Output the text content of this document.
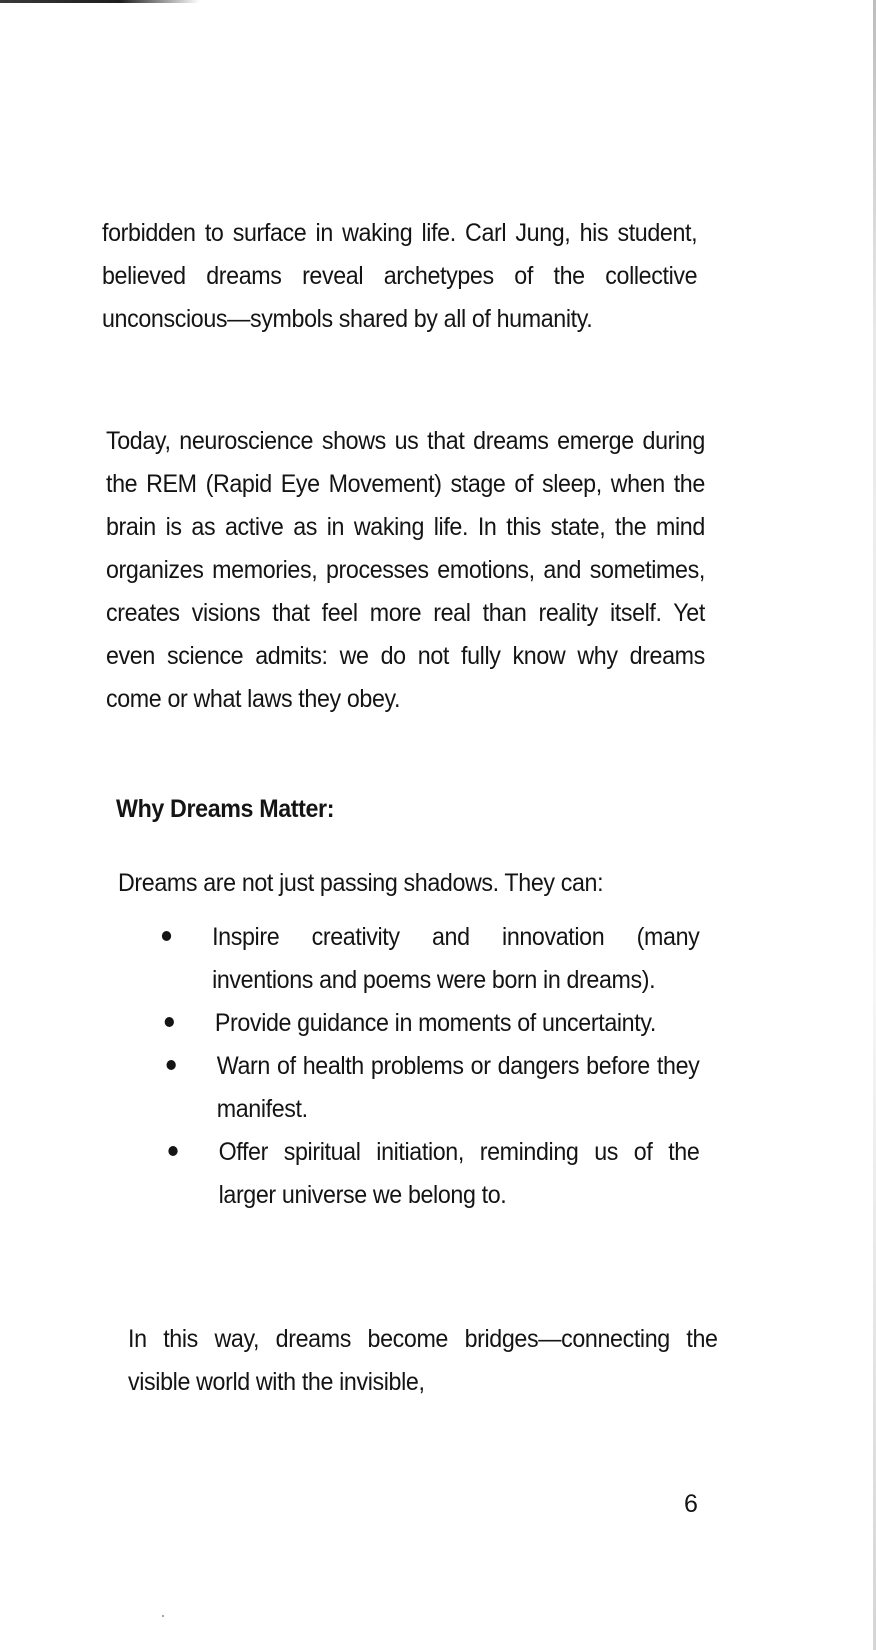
forbidden to surface in waking life. Carl Jung, his student, believed dreams reveal archetypes of the collective unconscious—symbols shared by all of humanity.

Today, neuroscience shows us that dreams emerge during the REM (Rapid Eye Movement) stage of sleep, when the brain is as active as in waking life. In this state, the mind organizes memories, processes emotions, and sometimes, creates visions that feel more real than reality itself. Yet even science admits: we do not fully know why dreams come or what laws they obey.

Why Dreams Matter:

Dreams are not just passing shadows. They can:

Inspire creativity and innovation (many inventions and poems were born in dreams).
Provide guidance in moments of uncertainty.
Warn of health problems or dangers before they manifest.
Offer spiritual initiation, reminding us of the larger universe we belong to.

In this way, dreams become bridges—connecting the visible world with the invisible,

6
